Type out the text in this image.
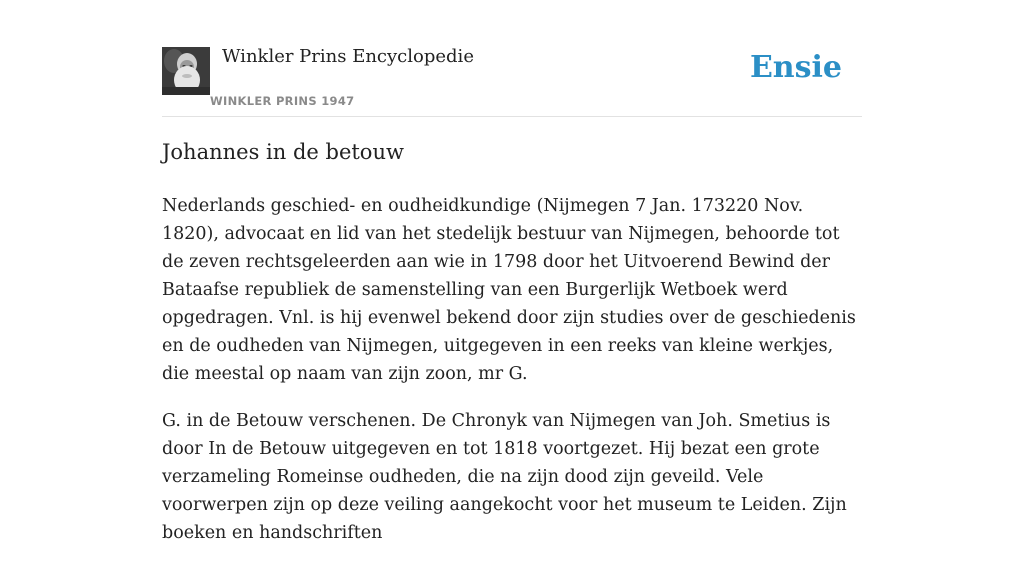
Winkler Prins Encyclopedie
WINKLER PRINS 1947
Ensie
Johannes in de betouw

Nederlands geschied- en oudheidkundige (Nijmegen 7 Jan. 173220 Nov. 1820), advocaat en lid van het stedelijk bestuur van Nijmegen, behoorde tot de zeven rechtsgeleerden aan wie in 1798 door het Uitvoerend Bewind der Bataafse republiek de samenstelling van een Burgerlijk Wetboek werd opgedragen. Vnl. is hij evenwel bekend door zijn studies over de geschiedenis en de oudheden van Nijmegen, uitgegeven in een reeks van kleine werkjes, die meestal op naam van zijn zoon, mr G.

G. in de Betouw verschenen. De Chronyk van Nijmegen van Joh. Smetius is door In de Betouw uitgegeven en tot 1818 voortgezet. Hij bezat een grote verzameling Romeinse oudheden, die na zijn dood zijn geveild. Vele voorwerpen zijn op deze veiling aangekocht voor het museum te Leiden. Zijn boeken en handschriften
